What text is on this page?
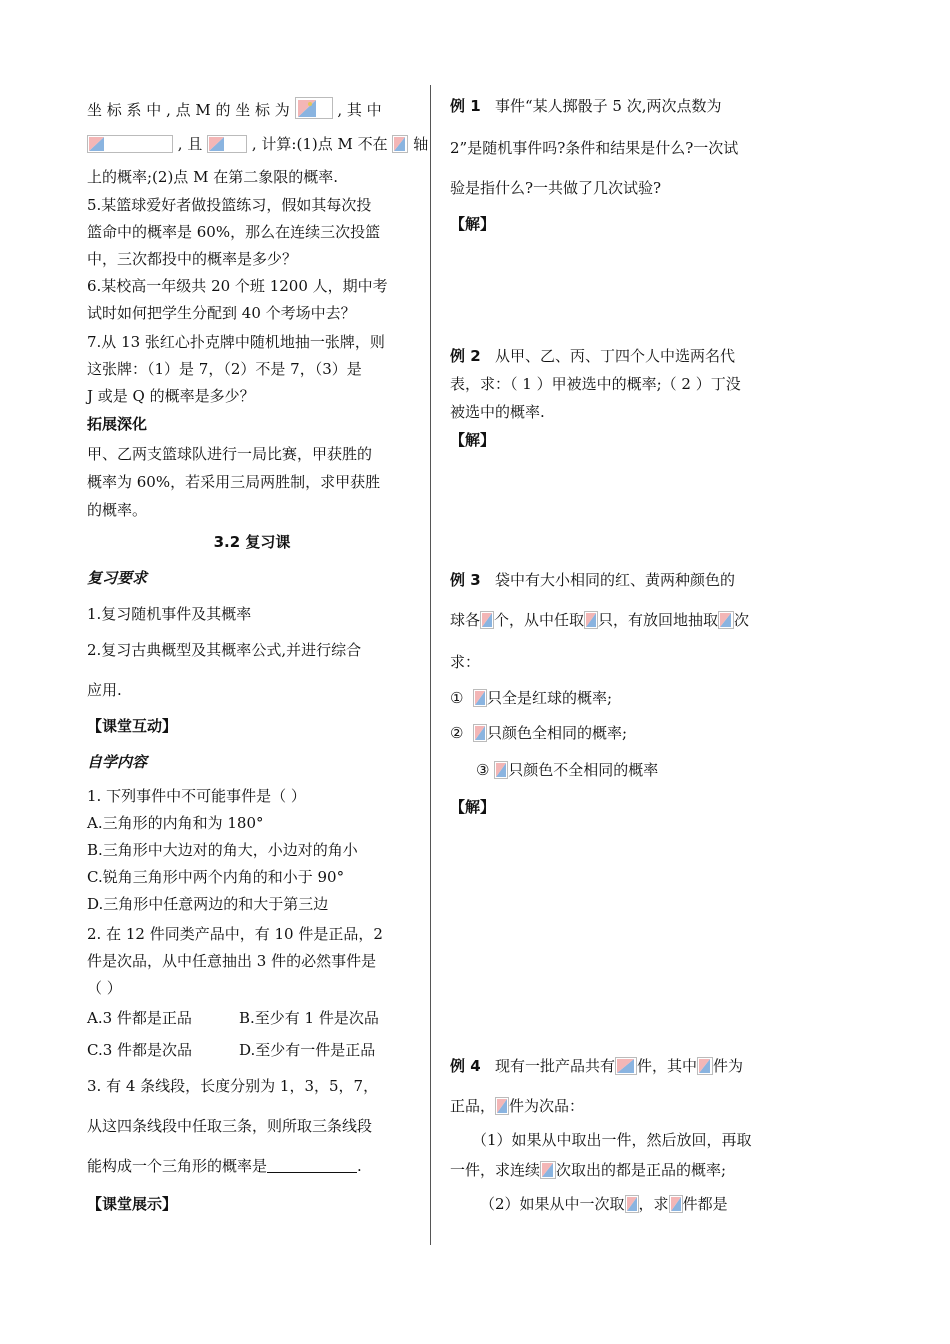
坐 标 系 中 , 点 M 的 坐 标 为	, 其 中
, 且	, 计算:(1)点 M 不在 轴
上的概率;(2)点 M 在第二象限的概率.
5.某篮球爱好者做投篮练习，假如其每次投
篮命中的概率是 60%，那么在连续三次投篮
中，三次都投中的概率是多少？
6.某校高一年级共 20 个班 1200 人，期中考
试时如何把学生分配到 40 个考场中去？
7.从 13 张红心扑克牌中随机地抽一张牌，则
这张牌：（1）是 7，（2）不是 7，（3）是
J 或是 Q 的概率是多少？
拓展深化
甲、乙两支篮球队进行一局比赛，甲获胜的
概率为 60%，若采用三局两胜制，求甲获胜
的概率。
3.2 复习课
复习要求
1.复习随机事件及其概率
2.复习古典概型及其概率公式,并进行综合
应用.
【课堂互动】
自学内容
1. 下列事件中不可能事件是（ ）
A.三角形的内角和为 180°
B.三角形中大边对的角大，小边对的角小
C.锐角三角形中两个内角的和小于 90°
D.三角形中任意两边的和大于第三边
2. 在 12 件同类产品中，有 10 件是正品，2
件是次品，从中任意抽出 3 件的必然事件是
（ ）
A.3 件都是正品	B.至少有 1 件是次品
C.3 件都是次品	D.至少有一件是正品
3. 有 4 条线段，长度分别为 1，3，5，7，
从这四条线段中任取三条，则所取三条线段
能构成一个三角形的概率是	.
【课堂展示】
例 1 事件“某人掷骰子 5 次,两次点数为
2”是随机事件吗?条件和结果是什么?一次试
验是指什么?一共做了几次试验?
【解】
例 2 从甲、乙、丙、丁四个人中选两名代
表，求：（ 1 ）甲被选中的概率;（ 2 ）丁没
被选中的概率.
【解】
例 3 袋中有大小相同的红、黄两种颜色的
球各 个，从中任取 只，有放回地抽取 次
求：
① 只全是红球的概率;
② 只颜色全相同的概率;
③ 只颜色不全相同的概率
【解】
例 4 现有一批产品共有 件，其中 件为
正品， 件为次品：
（1）如果从中取出一件，然后放回，再取
一件，求连续 次取出的都是正品的概率;
（2）如果从中一次取 ，求 件都是
